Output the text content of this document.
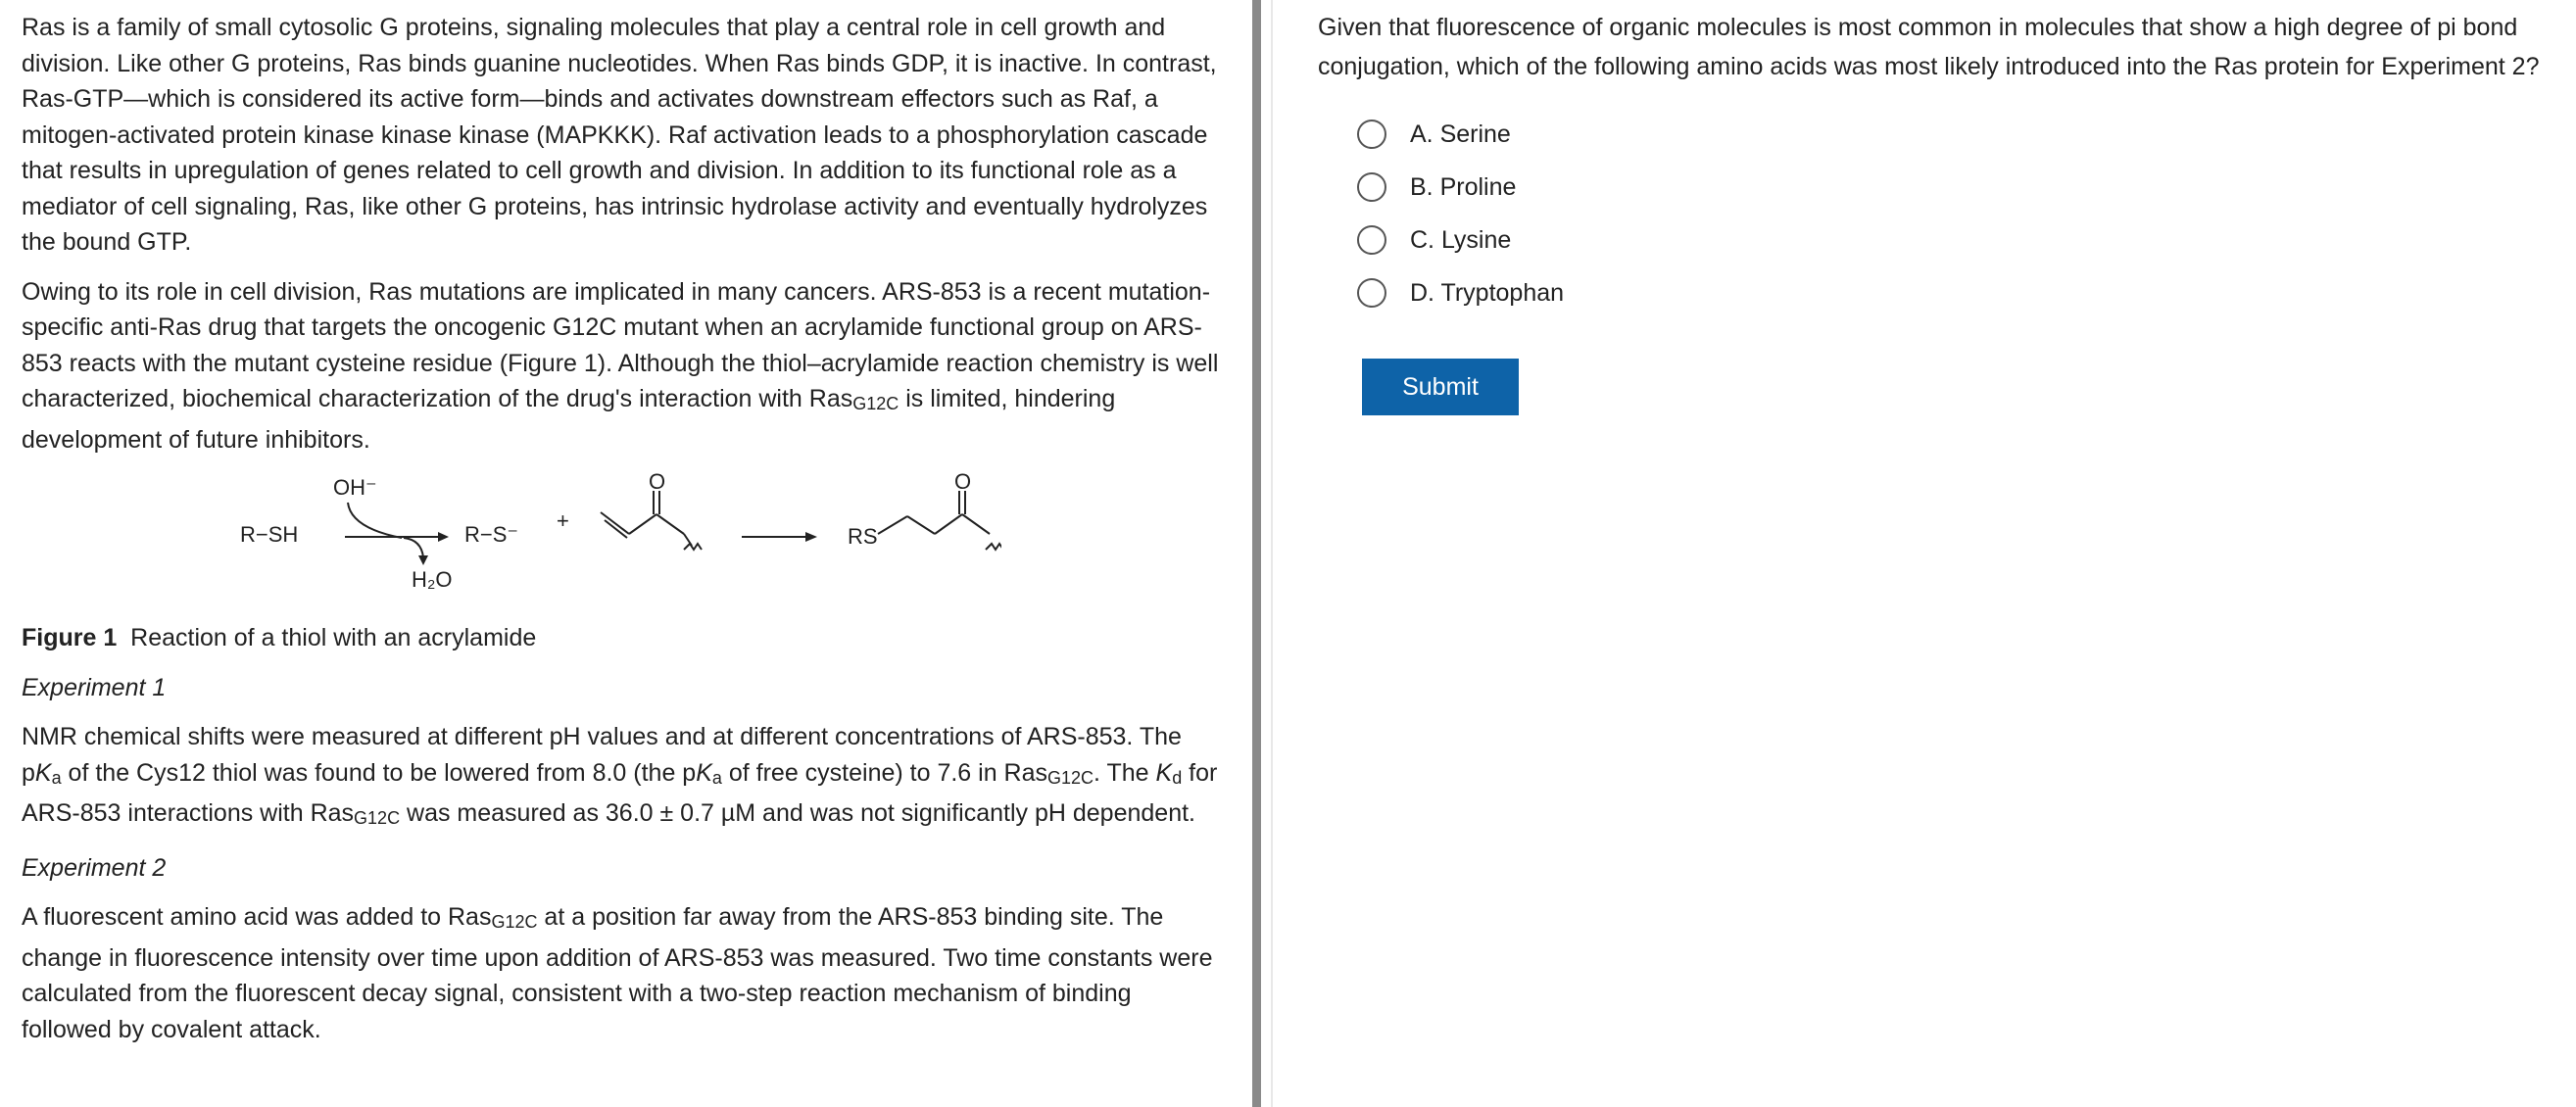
Ras is a family of small cytosolic G proteins, signaling molecules that play a central role in cell growth and division. Like other G proteins, Ras binds guanine nucleotides. When Ras binds GDP, it is inactive. In contrast, Ras-GTP—which is considered its active form—binds and activates downstream effectors such as Raf, a mitogen-activated protein kinase kinase kinase (MAPKKK). Raf activation leads to a phosphorylation cascade that results in upregulation of genes related to cell growth and division. In addition to its functional role as a mediator of cell signaling, Ras, like other G proteins, has intrinsic hydrolase activity and eventually hydrolyzes the bound GTP.

Owing to its role in cell division, Ras mutations are implicated in many cancers. ARS-853 is a recent mutation-specific anti-Ras drug that targets the oncogenic G12C mutant when an acrylamide functional group on ARS-853 reacts with the mutant cysteine residue (Figure 1). Although the thiol–acrylamide reaction chemistry is well characterized, biochemical characterization of the drug's interaction with RasG12C is limited, hindering development of future inhibitors.

OH⁻
R−SH
H₂O
R−S⁻
+
O
RS
O

Figure 1 Reaction of a thiol with an acrylamide

Experiment 1

NMR chemical shifts were measured at different pH values and at different concentrations of ARS-853. The pKa of the Cys12 thiol was found to be lowered from 8.0 (the pKa of free cysteine) to 7.6 in RasG12C. The Kd for ARS-853 interactions with RasG12C was measured as 36.0 ± 0.7 µM and was not significantly pH dependent.

Experiment 2

A fluorescent amino acid was added to RasG12C at a position far away from the ARS-853 binding site. The change in fluorescence intensity over time upon addition of ARS-853 was measured. Two time constants were calculated from the fluorescent decay signal, consistent with a two-step reaction mechanism of binding followed by covalent attack.

Given that fluorescence of organic molecules is most common in molecules that show a high degree of pi bond conjugation, which of the following amino acids was most likely introduced into the Ras protein for Experiment 2?

A. Serine
B. Proline
C. Lysine
D. Tryptophan
Submit
